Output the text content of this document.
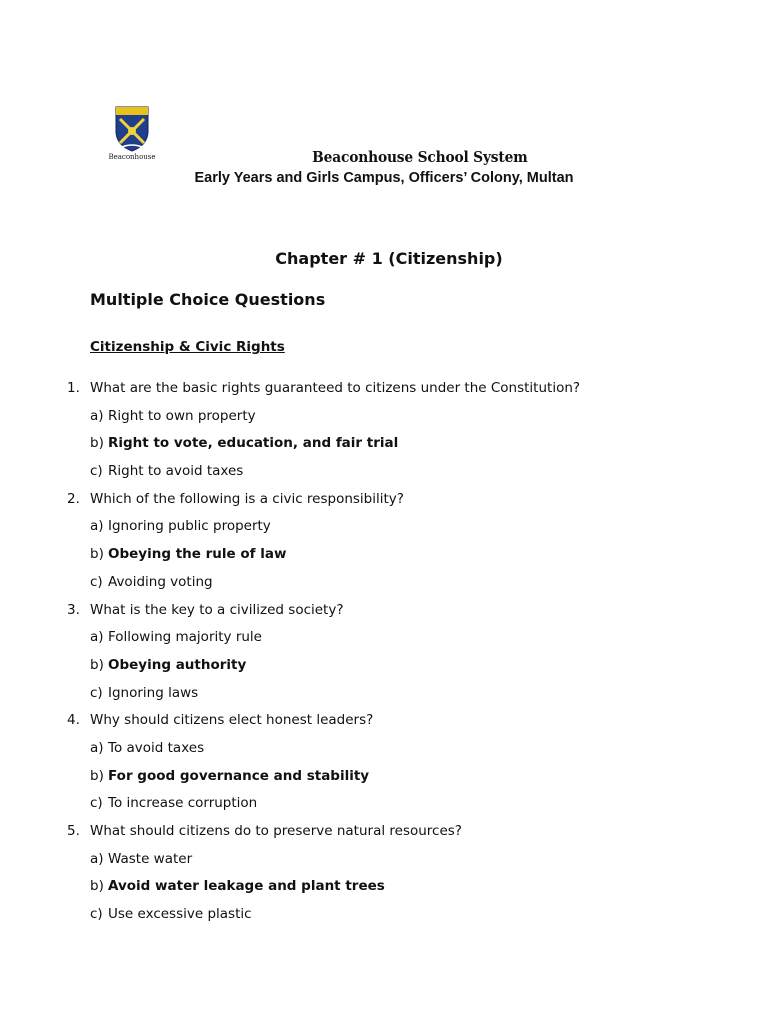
Beaconhouse	Beaconhouse School System
Early Years and Girls Campus, Officers’ Colony, Multan
Chapter # 1 (Citizenship)
Multiple Choice Questions
Citizenship & Civic Rights
1. What are the basic rights guaranteed to citizens under the Constitution?
a) Right to own property
b) Right to vote, education, and fair trial
c) Right to avoid taxes
2. Which of the following is a civic responsibility?
a) Ignoring public property
b) Obeying the rule of law
c) Avoiding voting
3. What is the key to a civilized society?
a) Following majority rule
b) Obeying authority
c) Ignoring laws
4. Why should citizens elect honest leaders?
a) To avoid taxes
b) For good governance and stability
c) To increase corruption
5. What should citizens do to preserve natural resources?
a) Waste water
b) Avoid water leakage and plant trees
c) Use excessive plastic
